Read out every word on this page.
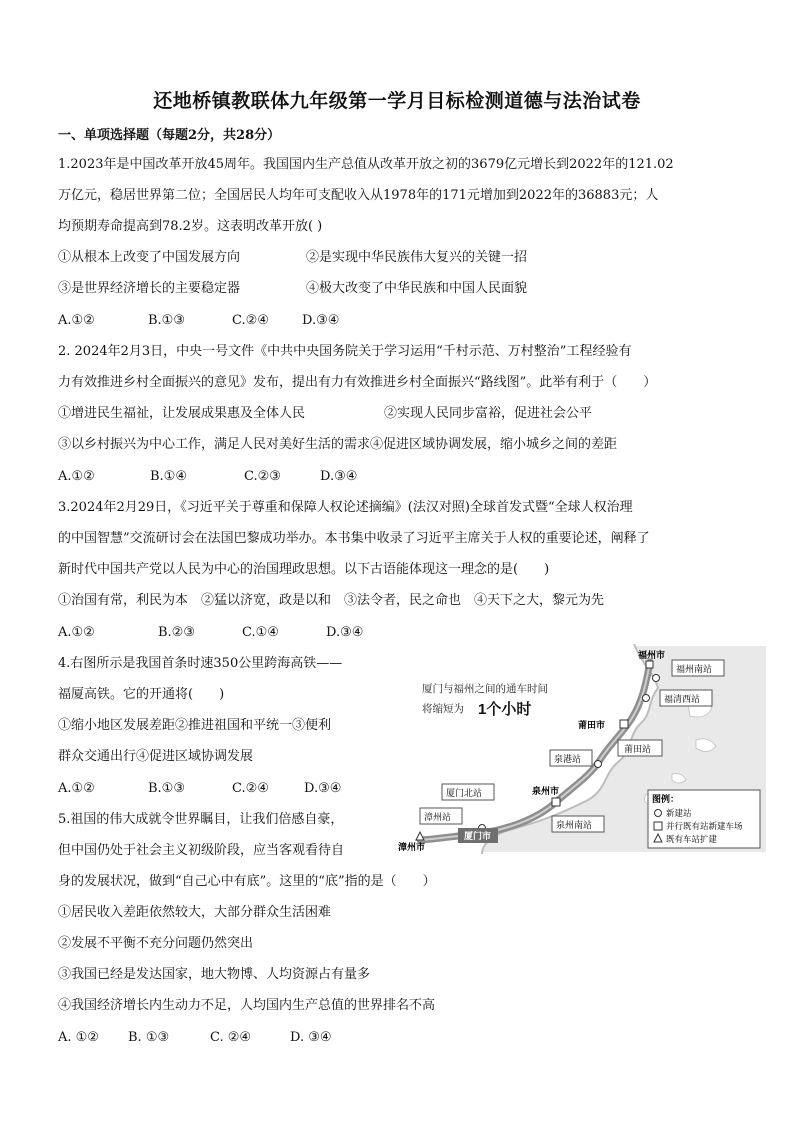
还地桥镇教联体九年级第一学月目标检测道德与法治试卷
一、单项选择题（每题2分，共28分）
1.2023年是中国改革开放45周年。我国国内生产总值从改革开放之初的3679亿元增长到2022年的121.02
万亿元，稳居世界第二位；全国居民人均年可支配收入从1978年的171元增加到2022年的36883元；人
均预期寿命提高到78.2岁。这表明改革开放( )
①从根本上改变了中国发展方向	②是实现中华民族伟大复兴的关键一招
③是世界经济增长的主要稳定器	④极大改变了中华民族和中国人民面貌
A.①②	B.①③	C.②④	D.③④
2. 2024年2月3日，中央一号文件《中共中央国务院关于学习运用“千村示范、万村整治”工程经验有
力有效推进乡村全面振兴的意见》发布，提出有力有效推进乡村全面振兴“路线图”。此举有利于（　　）
①增进民生福祉，让发展成果惠及全体人民	②实现人民同步富裕，促进社会公平
③以乡村振兴为中心工作，满足人民对美好生活的需求④促进区域协调发展，缩小城乡之间的差距
A.①②	B.①④	C.②③	D.③④
3.2024年2月29日，《习近平关于尊重和保障人权论述摘编》(法汉对照)全球首发式暨“全球人权治理
的中国智慧”交流研讨会在法国巴黎成功举办。本书集中收录了习近平主席关于人权的重要论述，阐释了
新时代中国共产党以人民为中心的治国理政思想。以下古语能体现这一理念的是(　　)
①治国有常，利民为本　②猛以济宽，政是以和　③法令者，民之命也　④天下之大，黎元为先
A.①②	B.②③	C.①④	D.③④
4.右图所示是我国首条时速350公里跨海高铁——
福厦高铁。它的开通将(　　)
①缩小地区发展差距②推进祖国和平统一③便利
群众交通出行④促进区域协调发展
A.①②	B.①③	C.②④	D.③④
5.祖国的伟大成就令世界瞩目，让我们倍感自豪，
但中国仍处于社会主义初级阶段，应当客观看待自
身的发展状况，做到“自己心中有底”。这里的“底”指的是（　　）
①居民收入差距依然较大，大部分群众生活困难
②发展不平衡不充分问题仍然突出
③我国已经是发达国家，地大物博、人均资源占有量多
④我国经济增长内生动力不足，人均国内生产总值的世界排名不高
A. ①② B. ①③	C. ②④	D. ③④
厦门与福州之间的通车时间
将缩短为 1个小时
福州市
福州南站
福清西站
莆田市
莆田站
泉港站
泉州市
泉州南站
厦门北站
厦门市
漳州站
漳州市
图例：
新建站
并行既有站新建车场
既有车站扩建
